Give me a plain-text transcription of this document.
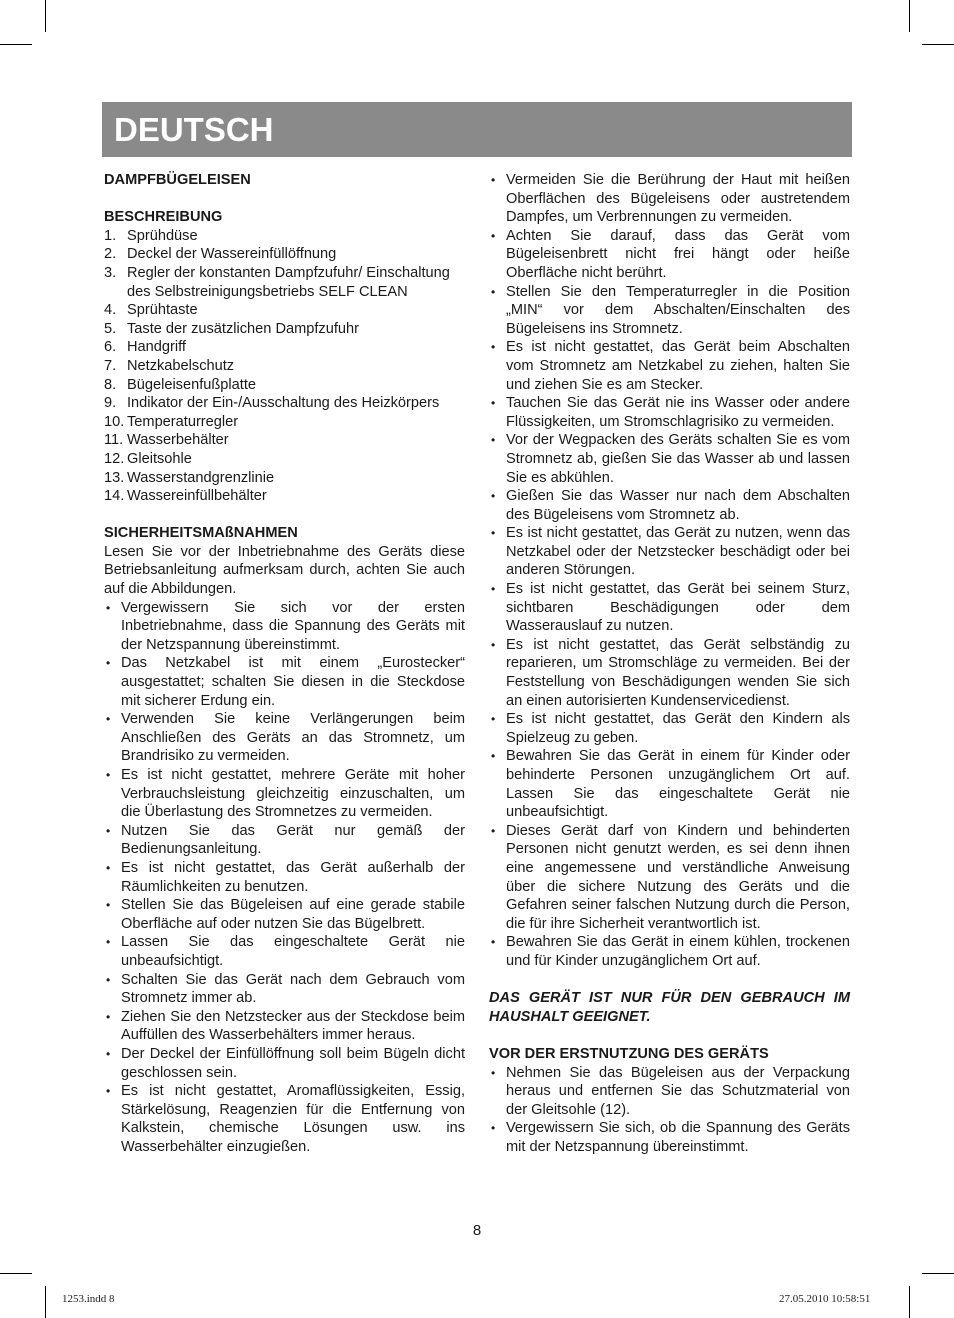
DEUTSCH

DAMPFBÜGELEISEN

BESCHREIBUNG

1. Sprühdüse
2. Deckel der Wassereinfüllöffnung
3. Regler der konstanten Dampfzufuhr/ Einschaltung des Selbstreinigungsbetriebs SELF CLEAN
4. Sprühtaste
5. Taste der zusätzlichen Dampfzufuhr
6. Handgriff
7. Netzkabelschutz
8. Bügeleisenfußplatte
9. Indikator der Ein-/Ausschaltung des Heizkörpers
10. Temperaturregler
11. Wasserbehälter
12. Gleitsohle
13. Wasserstandgrenzlinie
14. Wassereinfüllbehälter

SICHERHEITSMAßNAHMEN

Lesen Sie vor der Inbetriebnahme des Geräts diese Betriebsanleitung aufmerksam durch, achten Sie auch auf die Abbildungen.

• Vergewissern Sie sich vor der ersten Inbetriebnahme, dass die Spannung des Geräts mit der Netzspannung übereinstimmt.
• Das Netzkabel ist mit einem „Eurostecker“ ausgestattet; schalten Sie diesen in die Steckdose mit sicherer Erdung ein.
• Verwenden Sie keine Verlängerungen beim Anschließen des Geräts an das Stromnetz, um Brandrisiko zu vermeiden.
• Es ist nicht gestattet, mehrere Geräte mit hoher Verbrauchsleistung gleichzeitig einzuschalten, um die Überlastung des Stromnetzes zu vermeiden.
• Nutzen Sie das Gerät nur gemäß der Bedienungsanleitung.
• Es ist nicht gestattet, das Gerät außerhalb der Räumlichkeiten zu benutzen.
• Stellen Sie das Bügeleisen auf eine gerade stabile Oberfläche auf oder nutzen Sie das Bügelbrett.
• Lassen Sie das eingeschaltete Gerät nie unbeaufsichtigt.
• Schalten Sie das Gerät nach dem Gebrauch vom Stromnetz immer ab.
• Ziehen Sie den Netzstecker aus der Steckdose beim Auffüllen des Wasserbehälters immer heraus.
• Der Deckel der Einfüllöffnung soll beim Bügeln dicht geschlossen sein.
• Es ist nicht gestattet, Aromaflüssigkeiten, Essig, Stärkelösung, Reagenzien für die Entfernung von Kalkstein, chemische Lösungen usw. ins Wasserbehälter einzugießen.
• Vermeiden Sie die Berührung der Haut mit heißen Oberflächen des Bügeleisens oder austretendem Dampfes, um Verbrennungen zu vermeiden.
• Achten Sie darauf, dass das Gerät vom Bügeleisenbrett nicht frei hängt oder heiße Oberfläche nicht berührt.
• Stellen Sie den Temperaturregler in die Position „MIN“ vor dem Abschalten/Einschalten des Bügeleisens ins Stromnetz.
• Es ist nicht gestattet, das Gerät beim Abschalten vom Stromnetz am Netzkabel zu ziehen, halten Sie und ziehen Sie es am Stecker.
• Tauchen Sie das Gerät nie ins Wasser oder andere Flüssigkeiten, um Stromschlagrisiko zu vermeiden.
• Vor der Wegpacken des Geräts schalten Sie es vom Stromnetz ab, gießen Sie das Wasser ab und lassen Sie es abkühlen.
• Gießen Sie das Wasser nur nach dem Abschalten des Bügeleisens vom Stromnetz ab.
• Es ist nicht gestattet, das Gerät zu nutzen, wenn das Netzkabel oder der Netzstecker beschädigt oder bei anderen Störungen.
• Es ist nicht gestattet, das Gerät bei seinem Sturz, sichtbaren Beschädigungen oder dem Wasserauslauf zu nutzen.
• Es ist nicht gestattet, das Gerät selbständig zu reparieren, um Stromschläge zu vermeiden. Bei der Feststellung von Beschädigungen wenden Sie sich an einen autorisierten Kundenservicedienst.
• Es ist nicht gestattet, das Gerät den Kindern als Spielzeug zu geben.
• Bewahren Sie das Gerät in einem für Kinder oder behinderte Personen unzugänglichem Ort auf. Lassen Sie das eingeschaltete Gerät nie unbeaufsichtigt.
• Dieses Gerät darf von Kindern und behinderten Personen nicht genutzt werden, es sei denn ihnen eine angemessene und verständliche Anweisung über die sichere Nutzung des Geräts und die Gefahren seiner falschen Nutzung durch die Person, die für ihre Sicherheit verantwortlich ist.
• Bewahren Sie das Gerät in einem kühlen, trockenen und für Kinder unzugänglichem Ort auf.

DAS GERÄT IST NUR FÜR DEN GEBRAUCH IM HAUSHALT GEEIGNET.

VOR DER ERSTNUTZUNG DES GERÄTS

• Nehmen Sie das Bügeleisen aus der Verpackung heraus und entfernen Sie das Schutzmaterial von der Gleitsohle (12).
• Vergewissern Sie sich, ob die Spannung des Geräts mit der Netzspannung übereinstimmt.
8
1253.indd 8	27.05.2010 10:58:51
